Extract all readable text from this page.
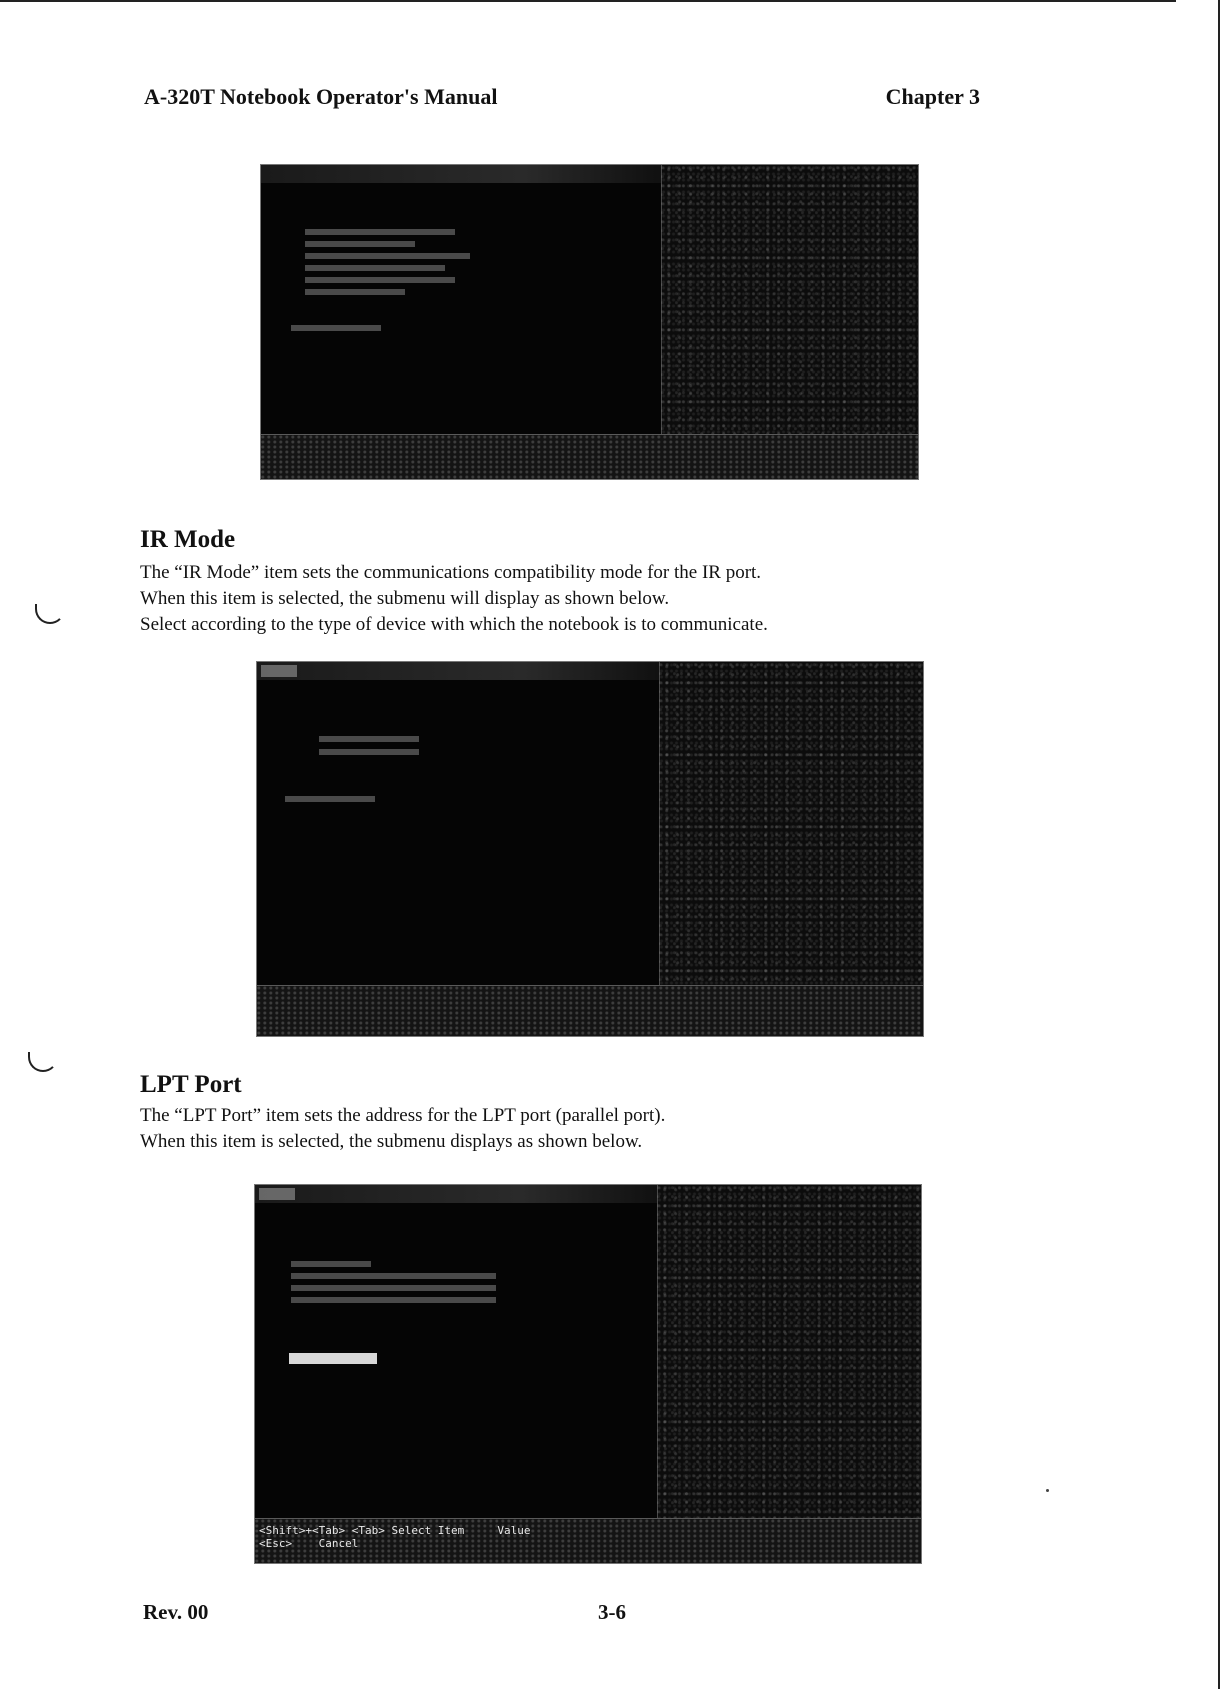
A-320T Notebook Operator's Manual	Chapter 3
IR Mode
The “IR Mode” item sets the communications compatibility mode for the IR port.
When this item is selected, the submenu will display as shown below.
Select according to the type of device with which the notebook is to communicate.
LPT Port
The “LPT Port” item sets the address for the LPT port (parallel port).
When this item is selected, the submenu displays as shown below.
<Shift>+<Tab> <Tab> Select Item     Value
<Esc>    Cancel
Rev. 00	3-6
